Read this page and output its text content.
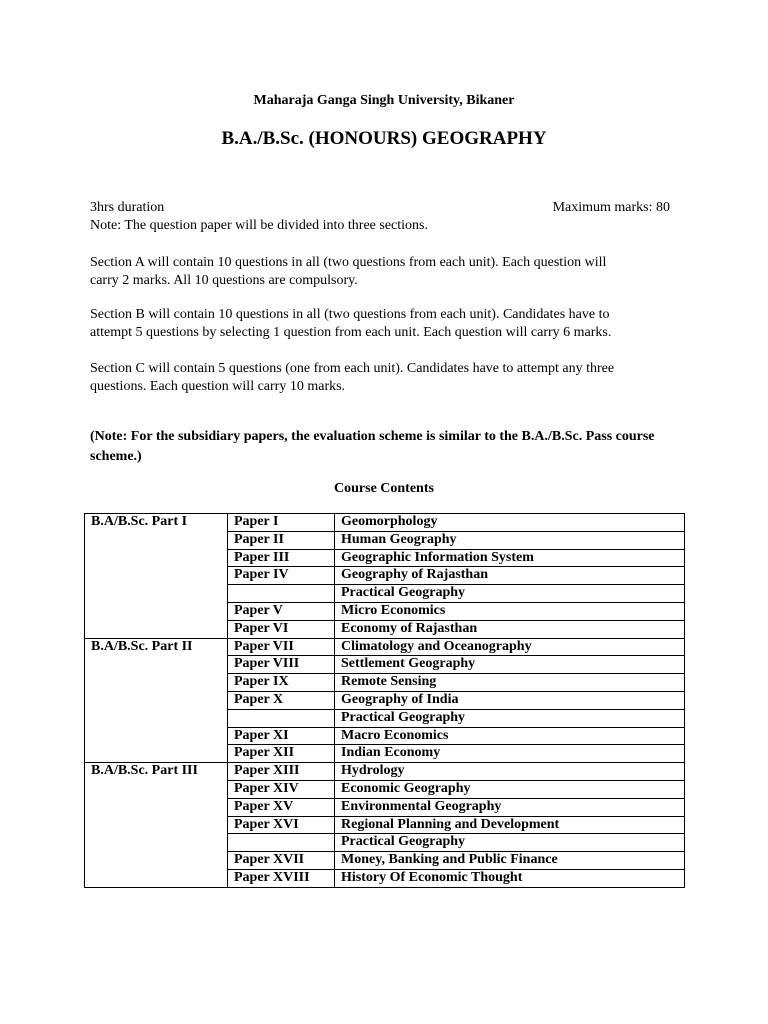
Maharaja Ganga Singh University, Bikaner
B.A./B.Sc. (HONOURS) GEOGRAPHY
3hrs duration	Maximum marks: 80
Note: The question paper will be divided into three sections.
Section A will contain 10 questions in all (two questions from each unit). Each question will
carry 2 marks. All 10 questions are compulsory.
Section B will contain 10 questions in all (two questions from each unit). Candidates have to
attempt 5 questions by selecting 1 question from each unit. Each question will carry 6 marks.
Section C will contain 5 questions (one from each unit). Candidates have to attempt any three
questions. Each question will carry 10 marks.
(Note: For the subsidiary papers, the evaluation scheme is similar to the B.A./B.Sc. Pass course
scheme.)
Course Contents
B.A/B.Sc. Part I	Paper I	Geomorphology
	Paper II	Human Geography
	Paper III	Geographic Information System
	Paper IV	Geography of Rajasthan
		Practical Geography
	Paper V	Micro Economics
	Paper VI	Economy of Rajasthan
B.A/B.Sc. Part II	Paper VII	Climatology and Oceanography
	Paper VIII	Settlement Geography
	Paper IX	Remote Sensing
	Paper X	Geography of India
		Practical Geography
	Paper XI	Macro Economics
	Paper XII	Indian Economy
B.A/B.Sc. Part III	Paper XIII	Hydrology
	Paper XIV	Economic Geography
	Paper XV	Environmental Geography
	Paper XVI	Regional Planning and Development
		Practical Geography
	Paper XVII	Money, Banking and Public Finance
	Paper XVIII	History Of Economic Thought
